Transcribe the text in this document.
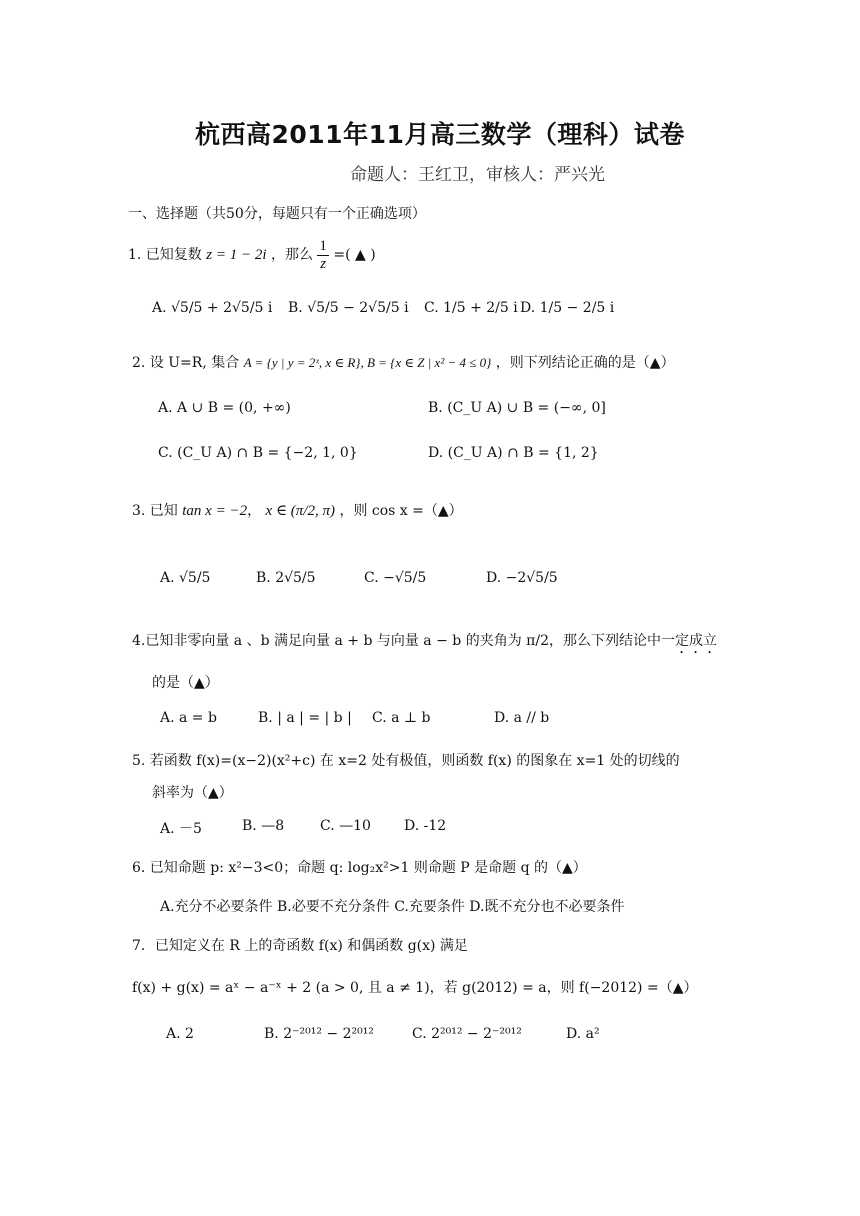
杭西高2011年11月高三数学（理科）试卷
命题人：王红卫，审核人：严兴光
一、选择题（共50分，每题只有一个正确选项）
1. 已知复数 z = 1 − 2i ，那么 $\frac{1}{z}$ =( ▲ )
A. √5/5 + 2√5/5 i B. √5/5 − 2√5/5 i C. 1/5 + 2/5 i D. 1/5 − 2/5 i
2. 设 U=R, 集合 A = {y | y = 2ˣ, x ∈ R}, B = {x ∈ Z | x² − 4 ≤ 0} ，则下列结论正确的是（▲）
A. A ∪ B = (0, +∞)	B. (C_U A) ∪ B = (−∞, 0]
C. (C_U A) ∩ B = {−2, 1, 0}	D. (C_U A) ∩ B = {1, 2}
3. 已知 tan x = −2， x ∈ (π/2, π) ，则 cos x =（▲）
A. √5/5	B. 2√5/5	C. −√5/5	D. −2√5/5
4.已知非零向量 a 、b 满足向量 a + b 与向量 a − b 的夹角为 π/2，那么下列结论中一定成立
的是（▲）
A. a = b	B. | a | = | b | C. a ⊥ b	D. a // b
5. 若函数 f(x)=(x−2)(x²+c) 在 x=2 处有极值，则函数 f(x) 的图象在 x=1 处的切线的
斜率为（▲）
A. －5	B. —8	C. —10 D. -12
6. 已知命题 p: x²−3<0；命题 q: log₂x²>1 则命题 P 是命题 q 的（▲）
A.充分不必要条件 B.必要不充分条件 C.充要条件 D.既不充分也不必要条件
7．已知定义在 R 上的奇函数 f(x) 和偶函数 g(x) 满足
f(x) + g(x) = aˣ − a⁻ˣ + 2 (a > 0, 且 a ≠ 1)，若 g(2012) = a，则 f(−2012) =（▲）
A. 2	B. 2⁻²⁰¹² − 2²⁰¹²	C. 2²⁰¹² − 2⁻²⁰¹²	D. a²
